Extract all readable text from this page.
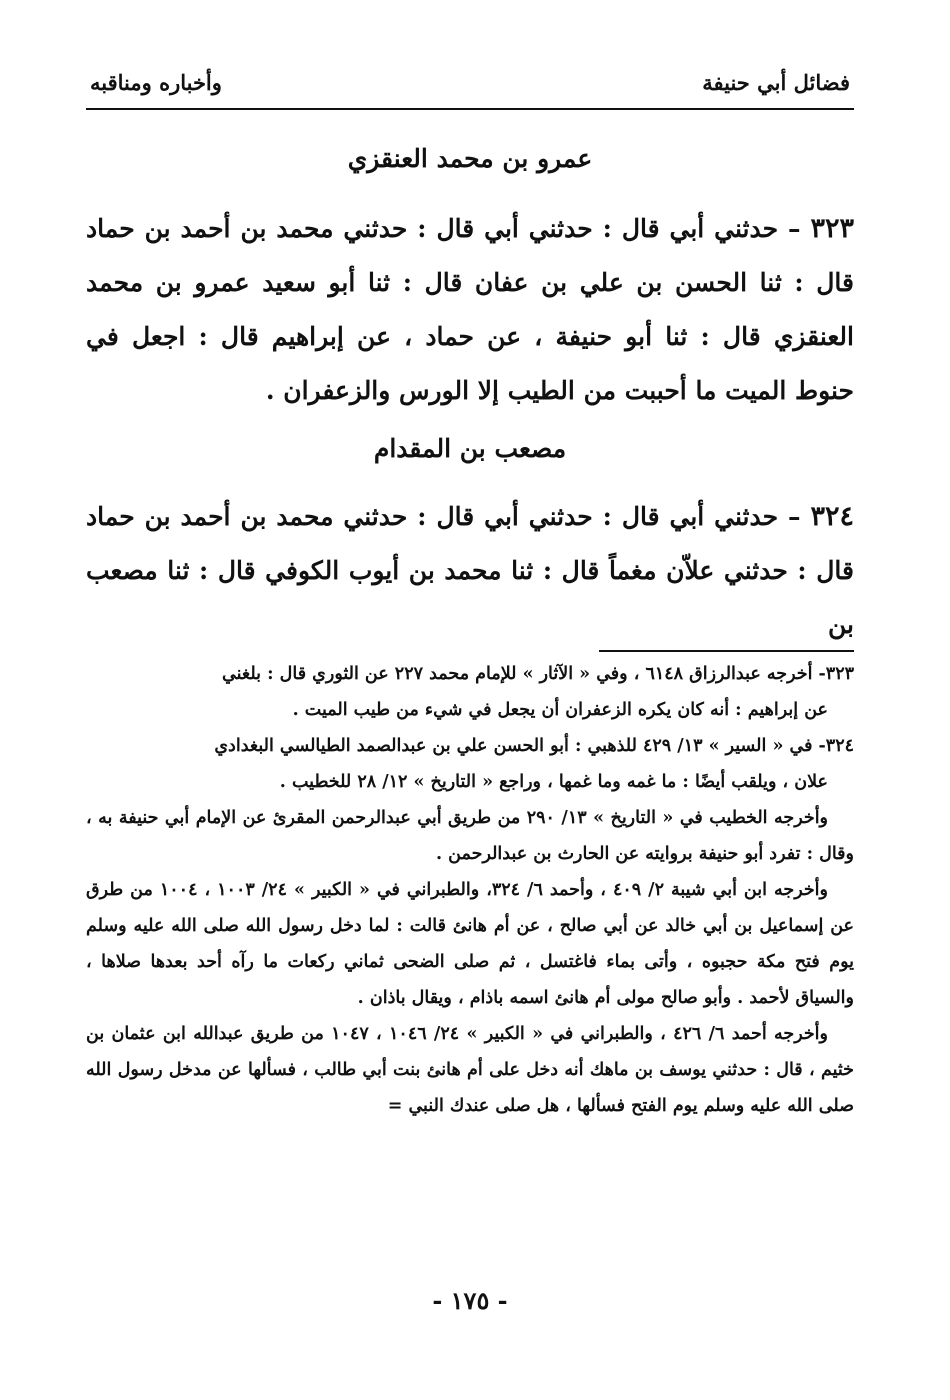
فضائل أبي حنيفة
وأخباره ومناقبه
عمرو بن محمد العنقزي
٣٢٣ – حدثني أبي قال : حدثني أبي قال : حدثني محمد بن أحمد بن حماد قال : ثنا الحسن بن علي بن عفان قال : ثنا أبو سعيد عمرو بن محمد العنقزي قال : ثنا أبو حنيفة ، عن حماد ، عن إبراهيم قال : اجعل في حنوط الميت ما أحببت من الطيب إلا الورس والزعفران .
مصعب بن المقدام
٣٢٤ – حدثني أبي قال : حدثني أبي قال : حدثني محمد بن أحمد بن حماد قال : حدثني علاّن مغماً قال : ثنا محمد بن أيوب الكوفي قال : ثنا مصعب بن

٣٢٣- أخرجه عبدالرزاق ٦١٤٨ ، وفي « الآثار » للإمام محمد ٢٢٧ عن الثوري قال : بلغني

عن إبراهيم : أنه كان يكره الزعفران أن يجعل في شيء من طيب الميت .

٣٢٤- في « السير » ١٣/ ٤٢٩ للذهبي : أبو الحسن علي بن عبدالصمد الطيالسي البغدادي

علان ، ويلقب أيضًا : ما غمه وما غمها ، وراجع « التاريخ » ١٢/ ٢٨ للخطيب .

وأخرجه الخطيب في « التاريخ » ١٣/ ٢٩٠ من طريق أبي عبدالرحمن المقرئ عن الإمام أبي حنيفة به ، وقال : تفرد أبو حنيفة بروايته عن الحارث بن عبدالرحمن .

وأخرجه ابن أبي شيبة ٢/ ٤٠٩ ، وأحمد ٦/ ٣٢٤، والطبراني في « الكبير » ٢٤/ ١٠٠٣ ، ١٠٠٤ من طرق عن إسماعيل بن أبي خالد عن أبي صالح ، عن أم هانئ قالت : لما دخل رسول الله صلى الله عليه وسلم يوم فتح مكة حجبوه ، وأتى بماء فاغتسل ، ثم صلى الضحى ثماني ركعات ما رآه أحد بعدها صلاها ، والسياق لأحمد . وأبو صالح مولى أم هانئ اسمه باذام ، ويقال باذان .

وأخرجه أحمد ٦/ ٤٢٦ ، والطبراني في « الكبير » ٢٤/ ١٠٤٦ ، ١٠٤٧ من طريق عبدالله ابن عثمان بن خثيم ، قال : حدثني يوسف بن ماهك أنه دخل على أم هانئ بنت أبي طالب ، فسألها عن مدخل رسول الله صلى الله عليه وسلم يوم الفتح فسألها ، هل صلى عندك النبي =

- ١٧٥ -
